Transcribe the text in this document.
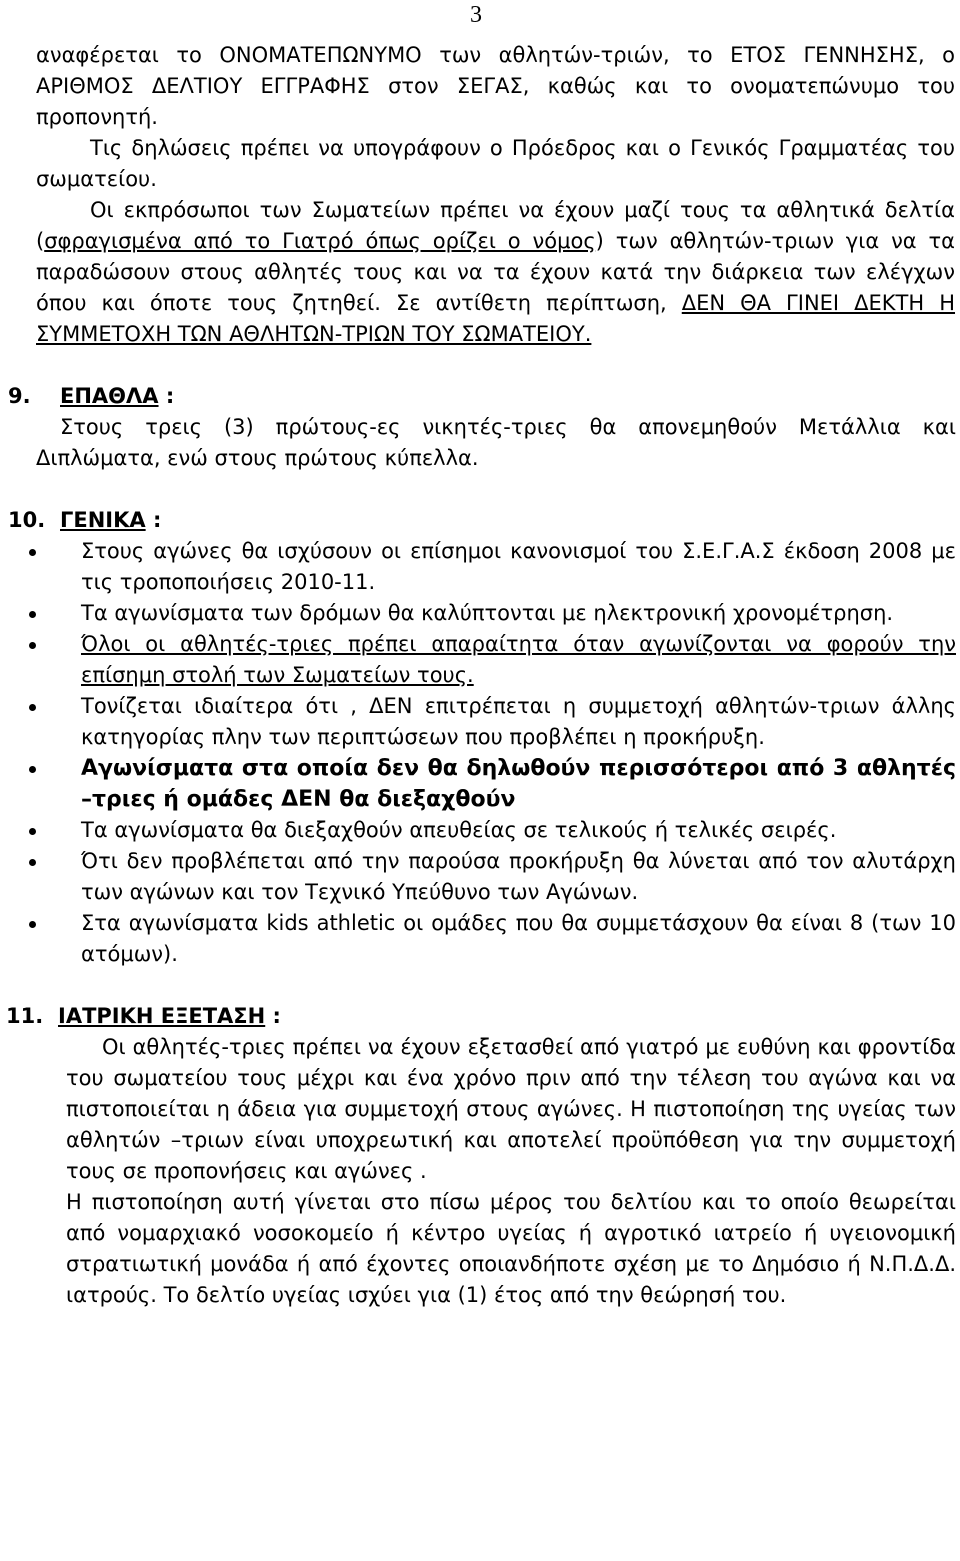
3

αναφέρεται το ΟΝΟΜΑΤΕΠΩΝΥΜΟ των αθλητών-τριών, το ΕΤΟΣ ΓΕΝΝΗΣΗΣ, ο ΑΡΙΘΜΟΣ ΔΕΛΤΙΟΥ ΕΓΓΡΑΦΗΣ στον ΣΕΓΑΣ, καθώς και το ονοματεπώνυμο του προπονητή.

Τις δηλώσεις πρέπει να υπογράφουν ο Πρόεδρος και ο Γενικός Γραμματέας του σωματείου.

Οι εκπρόσωποι των Σωματείων πρέπει να έχουν μαζί τους τα αθλητικά δελτία (σφραγισμένα από το Γιατρό όπως ορίζει ο νόμος) των αθλητών-τριων για να τα παραδώσουν στους αθλητές τους και να τα έχουν κατά την διάρκεια των ελέγχων όπου και όποτε τους ζητηθεί. Σε αντίθετη περίπτωση, ΔΕΝ ΘΑ ΓΙΝΕΙ ΔΕΚΤΗ Η ΣΥΜΜΕΤΟΧΗ ΤΩΝ ΑΘΛΗΤΩΝ-ΤΡΙΩΝ ΤΟΥ ΣΩΜΑΤΕΙΟΥ.

9. ΕΠΑΘΛΑ :

Στους τρεις (3) πρώτους-ες νικητές-τριες θα απονεμηθούν Μετάλλια και Διπλώματα, ενώ στους πρώτους κύπελλα.

10. ΓΕΝΙΚΑ :

Στους αγώνες θα ισχύσουν οι επίσημοι κανονισμοί του Σ.Ε.Γ.Α.Σ έκδοση 2008 με τις τροποποιήσεις 2010-11.
Τα αγωνίσματα των δρόμων θα καλύπτονται με ηλεκτρονική χρονομέτρηση.
Όλοι οι αθλητές-τριες πρέπει απαραίτητα όταν αγωνίζονται να φορούν την επίσημη στολή των Σωματείων τους.
Τονίζεται ιδιαίτερα ότι , ΔΕΝ επιτρέπεται η συμμετοχή αθλητών-τριων άλλης κατηγορίας πλην των περιπτώσεων που προβλέπει η προκήρυξη.
Αγωνίσματα στα οποία δεν θα δηλωθούν περισσότεροι από 3 αθλητές –τριες ή ομάδες ΔΕΝ θα διεξαχθούν
Τα αγωνίσματα θα διεξαχθούν απευθείας σε τελικούς ή τελικές σειρές.
Ότι δεν προβλέπεται από την παρούσα προκήρυξη θα λύνεται από τον αλυτάρχη των αγώνων και τον Τεχνικό Υπεύθυνο των Αγώνων.
Στα αγωνίσματα kids athletic οι ομάδες που θα συμμετάσχουν θα είναι 8 (των 10 ατόμων).

11. ΙΑΤΡΙΚΗ ΕΞΕΤΑΣΗ :

Οι αθλητές-τριες πρέπει να έχουν εξετασθεί από γιατρό με ευθύνη και φροντίδα του σωματείου τους μέχρι και ένα χρόνο πριν από την τέλεση του αγώνα και να πιστοποιείται η άδεια για συμμετοχή στους αγώνες. Η πιστοποίηση της υγείας των αθλητών –τριων είναι υποχρεωτική και αποτελεί προϋπόθεση για την συμμετοχή τους σε προπονήσεις και αγώνες .

Η πιστοποίηση αυτή γίνεται στο πίσω μέρος του δελτίου και το οποίο θεωρείται από νομαρχιακό νοσοκομείο ή κέντρο υγείας ή αγροτικό ιατρείο ή υγειονομική στρατιωτική μονάδα ή από έχοντες οποιανδήποτε σχέση με το Δημόσιο ή Ν.Π.Δ.Δ. ιατρούς. Το δελτίο υγείας ισχύει για (1) έτος από την θεώρησή του.
